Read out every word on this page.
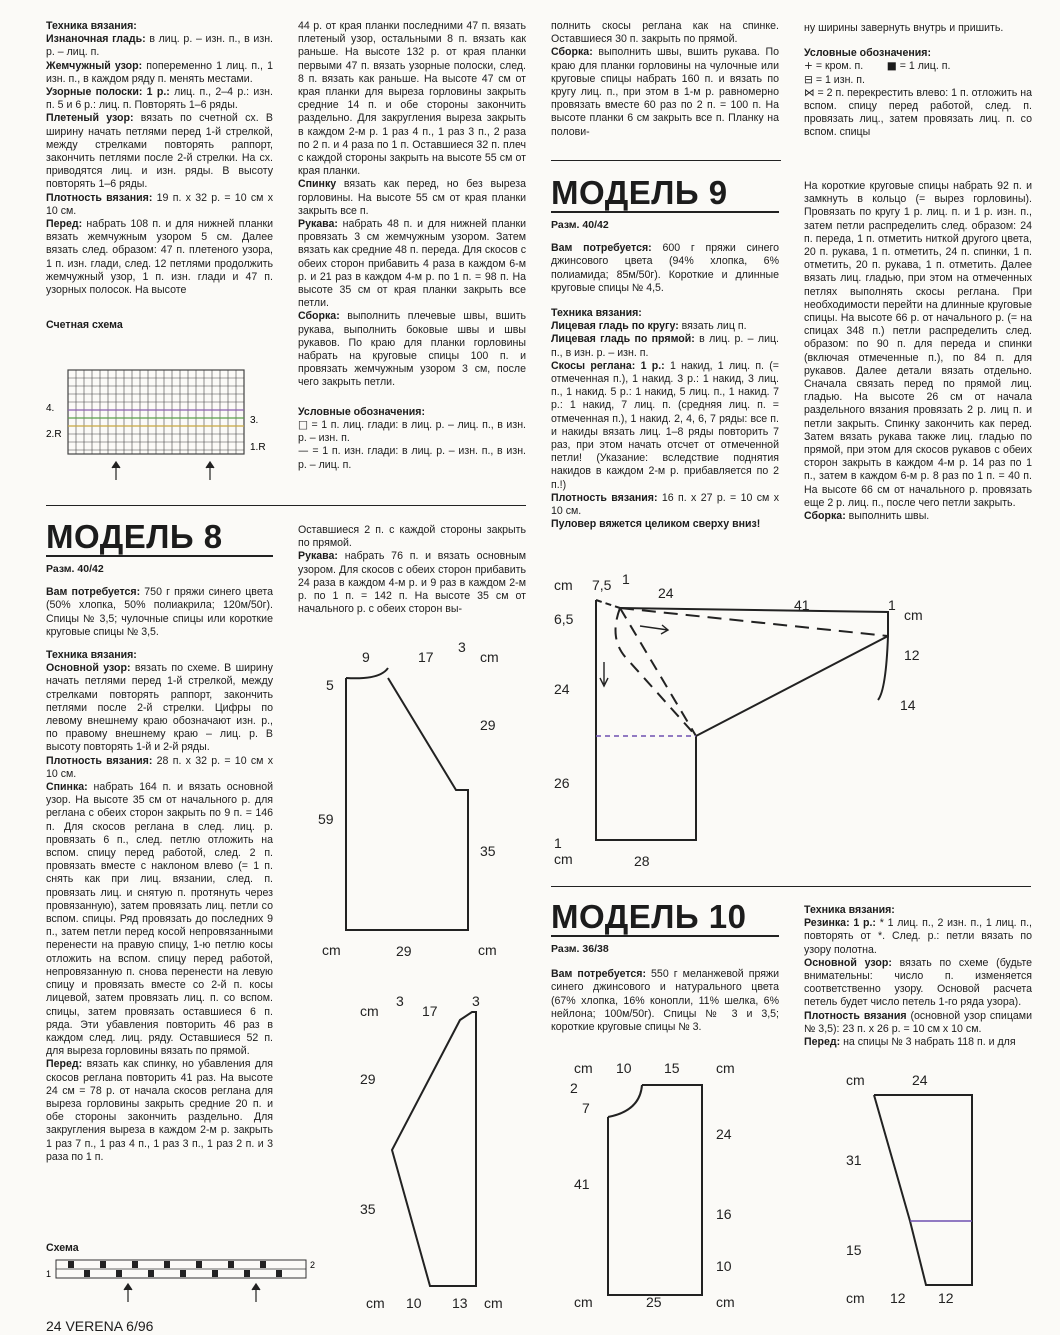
Техника вязания:

Изнаночная гладь: в лиц. р. – изн. п., в изн. р. – лиц. п.

Жемчужный узор: попеременно 1 лиц. п., 1 изн. п., в каждом ряду п. менять местами.

Узорные полоски: 1 р.: лиц. п., 2–4 р.: изн. п. 5 и 6 р.: лиц. п. Повторять 1–6 ряды.

Плетеный узор: вязать по счетной сх. В ширину начать петлями перед 1-й стрелкой, между стрелками повторять раппорт, закончить петлями после 2-й стрелки. На сх. приводятся лиц. и изн. ряды. В высоту повторять 1–6 ряды.

Плотность вязания: 19 п. х 32 р. = 10 см х 10 см.

Перед: набрать 108 п. и для нижней планки вязать жемчужным узором 5 см. Далее вязать след. образом: 47 п. плетеного узора, 1 п. изн. глади, след. 12 петлями продолжить жемчужный узор, 1 п. изн. глади и 47 п. узорных полосок. На высоте

Счетная схема

4.
2.R
3.
1.R

44 р. от края планки последними 47 п. вязать плетеный узор, остальными 8 п. вязать как раньше. На высоте 132 р. от края планки первыми 47 п. вязать узорные полоски, след. 8 п. вязать как раньше. На высоте 47 см от края планки для выреза горловины закрыть средние 14 п. и обе стороны закончить раздельно. Для закругления выреза закрыть в каждом 2-м р. 1 раз 4 п., 1 раз 3 п., 2 раза по 2 п. и 4 раза по 1 п. Оставшиеся 32 п. плеч с каждой стороны закрыть на высоте 55 см от края планки.

Спинку вязать как перед, но без выреза горловины. На высоте 55 см от края планки закрыть все п.

Рукава: набрать 48 п. и для нижней планки провязать 3 см жемчужным узором. Затем вязать как средние 48 п. переда. Для скосов с обеих сторон прибавить 4 раза в каждом 6-м р. и 21 раз в каждом 4-м р. по 1 п. = 98 п. На высоте 35 см от края планки закрыть все петли.

Сборка: выполнить плечевые швы, вшить рукава, выполнить боковые швы и швы рукавов. По краю для планки горловины набрать на круговые спицы 100 п. и провязать жемчужным узором 3 см, после чего закрыть петли.

Условные обозначения:

□ = 1 п. лиц. глади: в лиц. р. – лиц. п., в изн. р. – изн. п.

— = 1 п. изн. глади: в лиц. р. – изн. п., в изн. р. – лиц. п.

полнить скосы реглана как на спинке. Оставшиеся 30 п. закрыть по прямой.

Сборка: выполнить швы, вшить рукава. По краю для планки горловины на чулочные или круговые спицы набрать 160 п. и вязать по кругу лиц. п., при этом в 1-м р. равномерно провязать вместе 60 раз по 2 п. = 100 п. На высоте планки 6 см закрыть все п. Планку на полови-

ну ширины завернуть внутрь и пришить.

Условные обозначения:

+ = кром. п. ■ = 1 лиц. п.

⊟ = 1 изн. п.

⋈ = 2 п. перекрестить влево: 1 п. отложить на вспом. спицу перед работой, след. п. провязать лиц., затем провязать лиц. п. со вспом. спицы

МОДЕЛЬ 9

Разм. 40/42

Вам потребуется: 600 г пряжи синего джинсового цвета (94% хлопка, 6% полиамида; 85м/50г). Короткие и длинные круговые спицы № 4,5.

Техника вязания:

Лицевая гладь по кругу: вязать лиц п.

Лицевая гладь по прямой: в лиц. р. – лиц. п., в изн. р. – изн. п.

Скосы реглана: 1 р.: 1 накид, 1 лиц. п. (= отмеченная п.), 1 накид. 3 р.: 1 накид, 3 лиц. п., 1 накид. 5 р.: 1 накид, 5 лиц. п., 1 накид. 7 р.: 1 накид, 7 лиц. п. (средняя лиц. п. = отмеченная п.), 1 накид. 2, 4, 6, 7 ряды: все п. и накиды вязать лиц. 1–8 ряды повторить 7 раз, при этом начать отсчет от отмеченной петли! (Указание: вследствие поднятия накидов в каждом 2-м р. прибавляется по 2 п.!)

Плотность вязания: 16 п. х 27 р. = 10 см х 10 см.

Пуловер вяжется целиком сверху вниз!

На короткие круговые спицы набрать 92 п. и замкнуть в кольцо (= вырез горловины). Провязать по кругу 1 р. лиц. п. и 1 р. изн. п., затем петли распределить след. образом: 24 п. переда, 1 п. отметить ниткой другого цвета, 20 п. рукава, 1 п. отметить, 24 п. спинки, 1 п. отметить, 20 п. рукава, 1 п. отметить. Далее вязать лиц. гладью, при этом на отмеченных петлях выполнять скосы реглана. При необходимости перейти на длинные круговые спицы. На высоте 66 р. от начального р. (= на спицах 348 п.) петли распределить след. образом: по 90 п. для переда и спинки (включая отмеченные п.), по 84 п. для рукавов. Далее детали вязать отдельно. Сначала связать перед по прямой лиц. гладью. На высоте 26 см от начала раздельного вязания провязать 2 р. лиц п. и петли закрыть. Спинку закончить как перед. Затем вязать рукава также лиц. гладью по прямой, при этом для скосов рукавов с обеих сторон закрыть в каждом 4-м р. 14 раз по 1 п., затем в каждом 6-м р. 8 раз по 1 п. = 40 п. На высоте 66 см от начального р. провязать еще 2 р. лиц. п., после чего петли закрыть.

Сборка: выполнить швы.

cm 7,5 1
24
41	1
cm
6,5
24
26
1
cm
12
14
28
МОДЕЛЬ 8

Разм. 40/42

Вам потребуется: 750 г пряжи синего цвета (50% хлопка, 50% полиакрила; 120м/50г). Спицы № 3,5; чулочные спицы или короткие круговые спицы № 3,5.

Техника вязания:

Основной узор: вязать по схеме. В ширину начать петлями перед 1-й стрелкой, между стрелками повторять раппорт, закончить петлями после 2-й стрелки. Цифры по левому внешнему краю обозначают изн. р., по правому внешнему краю – лиц. р. В высоту повторять 1-й и 2-й ряды.

Плотность вязания: 28 п. х 32 р. = 10 см х 10 см.

Спинка: набрать 164 п. и вязать основной узор. На высоте 35 см от начального р. для реглана с обеих сторон закрыть по 9 п. = 146 п. Для скосов реглана в след. лиц. р. провязать 6 п., след. петлю отложить на вспом. спицу перед работой, след. 2 п. провязать вместе с наклоном влево (= 1 п. снять как при лиц. вязании, след. п. провязать лиц. и снятую п. протянуть через провязанную), затем провязать лиц. петли со вспом. спицы. Ряд провязать до последних 9 п., затем петли перед косой непровязанными перенести на правую спицу, 1-ю петлю косы отложить на вспом. спицу перед работой, непровязанную п. снова перенести на левую спицу и провязать вместе со 2-й п. косы лицевой, затем провязать лиц. п. со вспом. спицы, затем провязать оставшиеся 6 п. ряда. Эти убавления повторить 46 раз в каждом след. лиц. ряду. Оставшиеся 52 п. для выреза горловины вязать по прямой.

Перед: вязать как спинку, но убавления для скосов реглана повторить 41 раз. На высоте 24 см = 78 р. от начала скосов реглана для выреза горловины закрыть средние 20 п. и обе стороны закончить раздельно. Для закругления выреза в каждом 2-м р. закрыть 1 раз 7 п., 1 раз 4 п., 1 раз 3 п., 1 раз 2 п. и 3 раза по 1 п.

Схема

1
2

Оставшиеся 2 п. с каждой стороны закрыть по прямой.

Рукава: набрать 76 п. и вязать основным узором. Для скосов с обеих сторон прибавить 24 раза в каждом 4-м р. и 9 раз в каждом 2-м р. по 1 п. = 142 п. На высоте 35 см от начального р. с обеих сторон вы-

9	17
3
cm
5
59
29
35
cm	29	cm
cm
3
17
3
29
35
cm 10 13 cm
МОДЕЛЬ 10

Разм. 36/38

Вам потребуется: 550 г меланжевой пряжи синего джинсового и натурального цвета (67% хлопка, 16% конопли, 11% шелка, 6% нейлона; 100м/50г). Спицы № 3 и 3,5; короткие круговые спицы № 3.

Техника вязания:

Резинка: 1 р.: * 1 лиц. п., 2 изн. п., 1 лиц. п., повторять от *. След. р.: петли вязать по узору полотна.

Основной узор: вязать по схеме (будьте внимательны: число п. изменяется соответственно узору. Основой расчета петель будет число петель 1-го ряда узора).

Плотность вязания (основной узор спицами № 3,5): 23 п. х 26 р. = 10 см х 10 см.

Перед: на спицы № 3 набрать 118 п. и для

cm 10 15	cm
2
7
41
24
16
10
cm	25	cm
cm	24
31
15
cm 12 12
24 VERENA 6/96
